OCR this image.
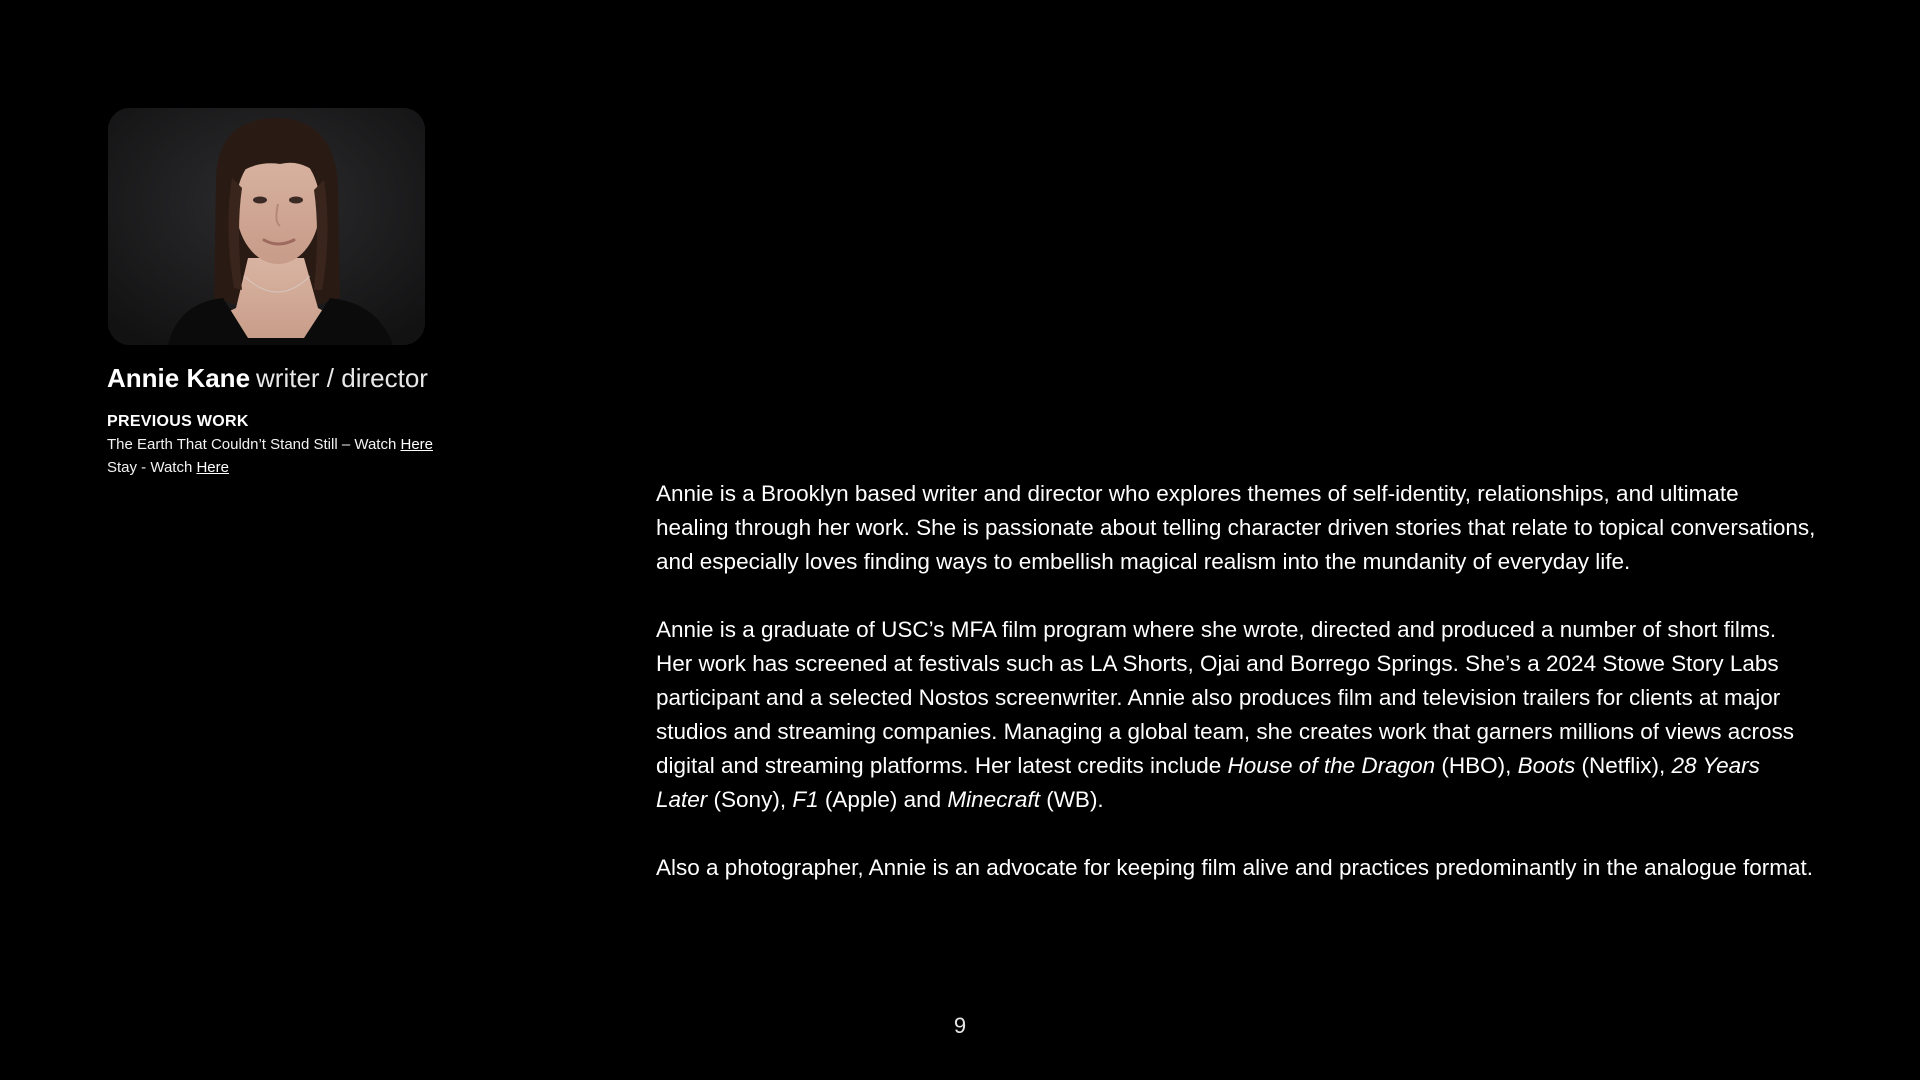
Annie Kane writer / director
PREVIOUS WORK
The Earth That Couldn’t Stand Still – Watch Here
Stay - Watch Here

Annie is a Brooklyn based writer and director who explores themes of self-identity, relationships, and ultimate healing through her work. She is passionate about telling character driven stories that relate to topical conversations, and especially loves finding ways to embellish magical realism into the mundanity of everyday life.

Annie is a graduate of USC’s MFA film program where she wrote, directed and produced a number of short films. Her work has screened at festivals such as LA Shorts, Ojai and Borrego Springs. She’s a 2024 Stowe Story Labs participant and a selected Nostos screenwriter. Annie also produces film and television trailers for clients at major studios and streaming companies. Managing a global team, she creates work that garners millions of views across digital and streaming platforms. Her latest credits include House of the Dragon (HBO), Boots (Netflix), 28 Years Later (Sony), F1 (Apple) and Minecraft (WB).

Also a photographer, Annie is an advocate for keeping film alive and practices predominantly in the analogue format.

9
